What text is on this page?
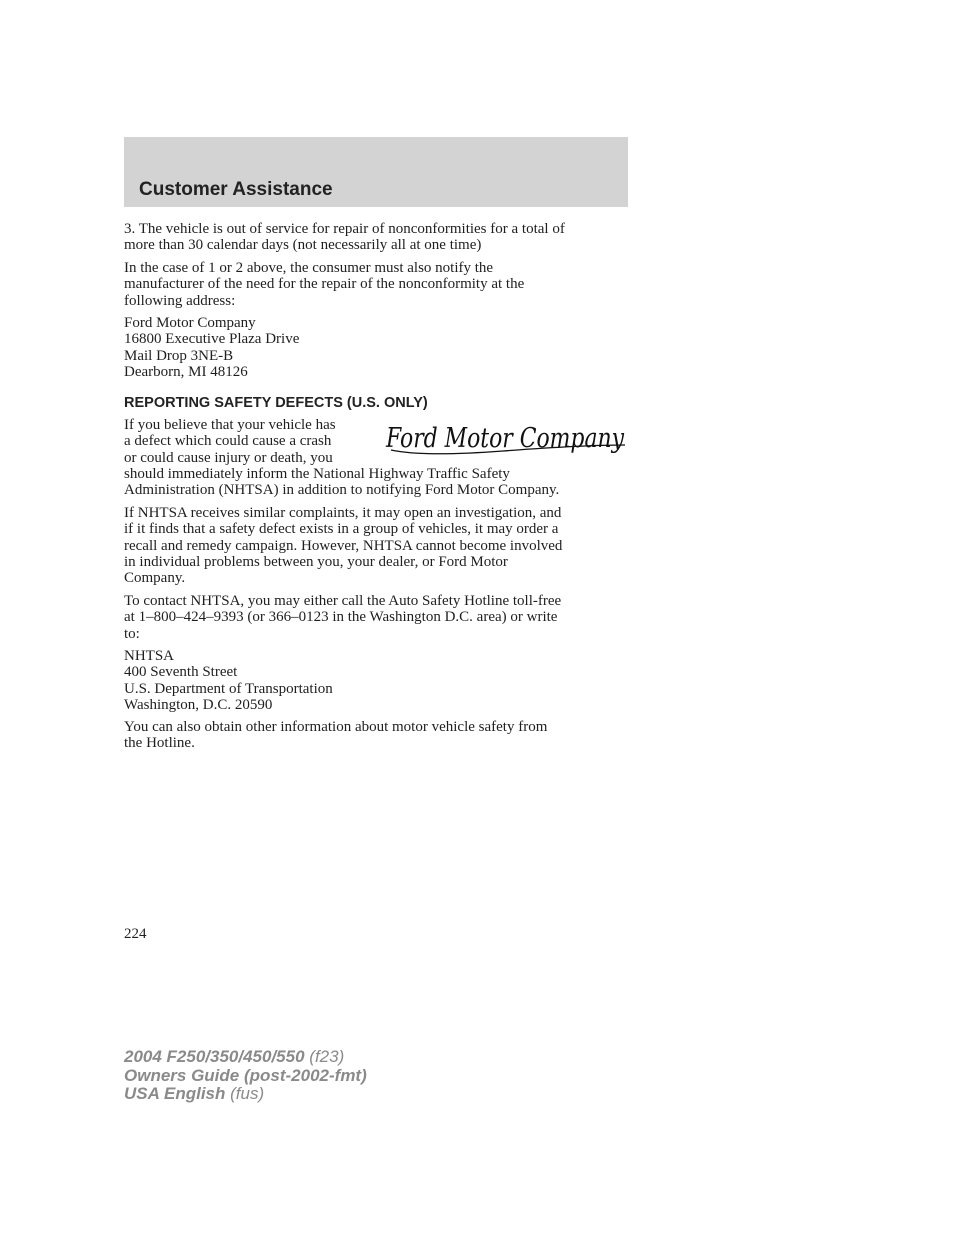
Customer Assistance
3. The vehicle is out of service for repair of nonconformities for a total of
more than 30 calendar days (not necessarily all at one time)
In the case of 1 or 2 above, the consumer must also notify the
manufacturer of the need for the repair of the nonconformity at the
following address:
Ford Motor Company
16800 Executive Plaza Drive
Mail Drop 3NE-B
Dearborn, MI 48126
REPORTING SAFETY DEFECTS (U.S. ONLY)
If you believe that your vehicle has
a defect which could cause a crash
or could cause injury or death, you
Ford Motor Company
should immediately inform the National Highway Traffic Safety
Administration (NHTSA) in addition to notifying Ford Motor Company.
If NHTSA receives similar complaints, it may open an investigation, and
if it finds that a safety defect exists in a group of vehicles, it may order a
recall and remedy campaign. However, NHTSA cannot become involved
in individual problems between you, your dealer, or Ford Motor
Company.
To contact NHTSA, you may either call the Auto Safety Hotline toll-free
at 1–800–424–9393 (or 366–0123 in the Washington D.C. area) or write
to:
NHTSA
400 Seventh Street
U.S. Department of Transportation
Washington, D.C. 20590
You can also obtain other information about motor vehicle safety from
the Hotline.
224
2004 F250/350/450/550 (f23)
Owners Guide (post-2002-fmt)
USA English (fus)
